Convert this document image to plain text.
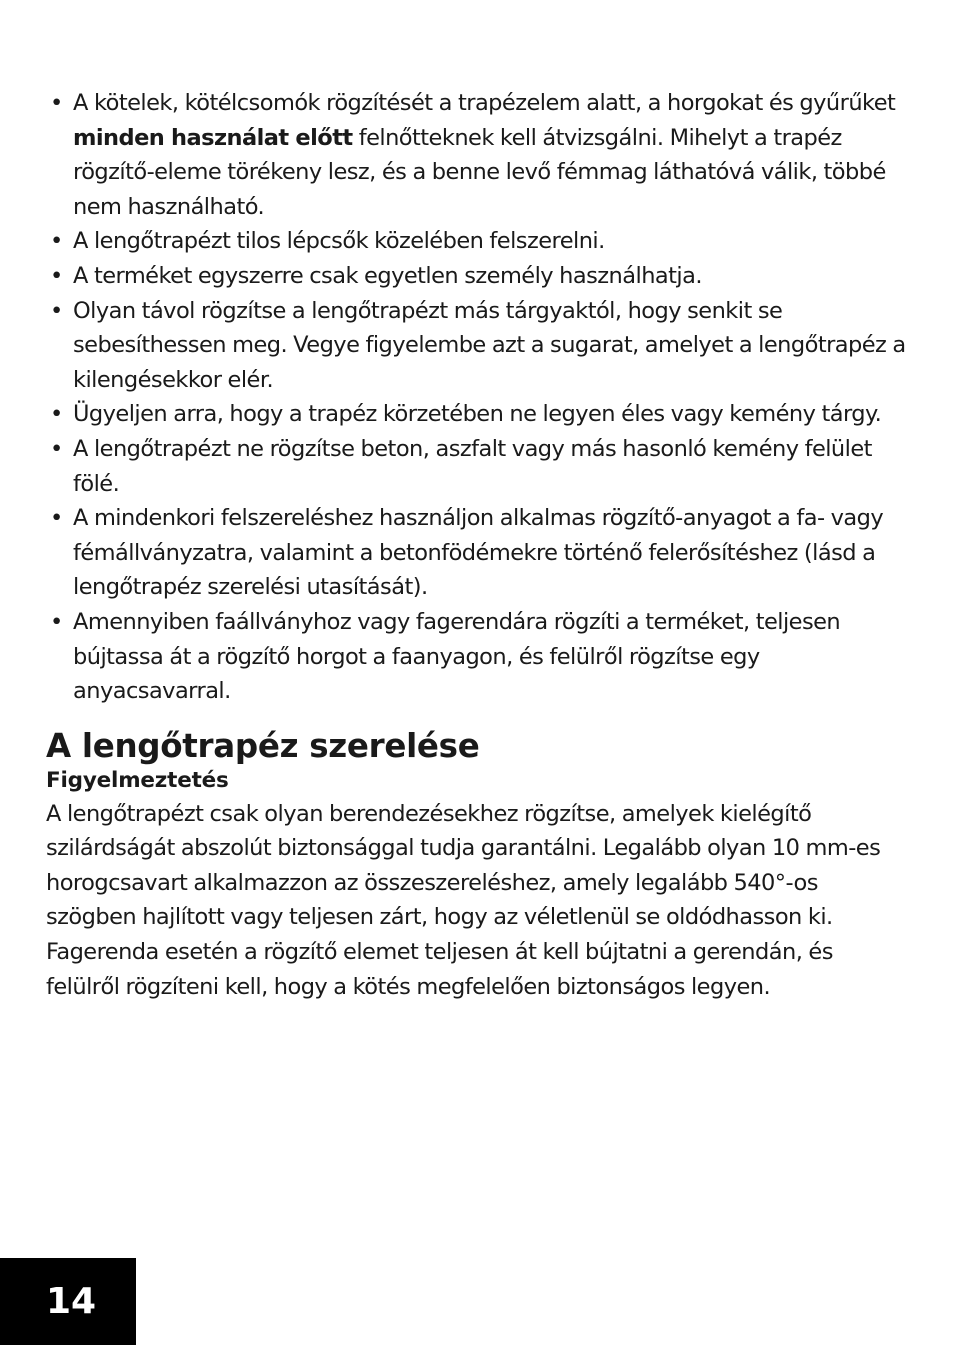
• A kötelek, kötélcsomók rögzítését a trapézelem alatt, a horgokat és gyűrűket minden használat előtt felnőtteknek kell átvizsgálni. Mihelyt a trapéz rögzítő-eleme törékeny lesz, és a benne levő fémmag láthatóvá válik, többé nem használható.
• A lengőtrapézt tilos lépcsők közelében felszerelni.
• A terméket egyszerre csak egyetlen személy használhatja.
• Olyan távol rögzítse a lengőtrapézt más tárgyaktól, hogy senkit se sebesíthessen meg. Vegye figyelembe azt a sugarat, amelyet a lengőtrapéz a kilengésekkor elér.
• Ügyeljen arra, hogy a trapéz körzetében ne legyen éles vagy kemény tárgy.
• A lengőtrapézt ne rögzítse beton, aszfalt vagy más hasonló kemény felület fölé.
• A mindenkori felszereléshez használjon alkalmas rögzítő-anyagot a fa- vagy fémállványzatra, valamint a betonfödémekre történő felerősítéshez (lásd a lengőtrapéz szerelési utasítását).
• Amennyiben faállványhoz vagy fagerendára rögzíti a terméket, teljesen bújtassa át a rögzítő horgot a faanyagon, és felülről rögzítse egy anyacsavarral.
A lengőtrapéz szerelése
Figyelmeztetés

A lengőtrapézt csak olyan berendezésekhez rögzítse, amelyek kielégítő szilárdságát abszolút biztonsággal tudja garantálni. Legalább olyan 10 mm-es horogcsavart alkalmazzon az összeszereléshez, amely legalább 540°-os szögben hajlított vagy teljesen zárt, hogy az véletlenül se oldódhasson ki. Fagerenda esetén a rögzítő elemet teljesen át kell bújtatni a gerendán, és felülről rögzíteni kell, hogy a kötés megfelelően biztonságos legyen.

14
